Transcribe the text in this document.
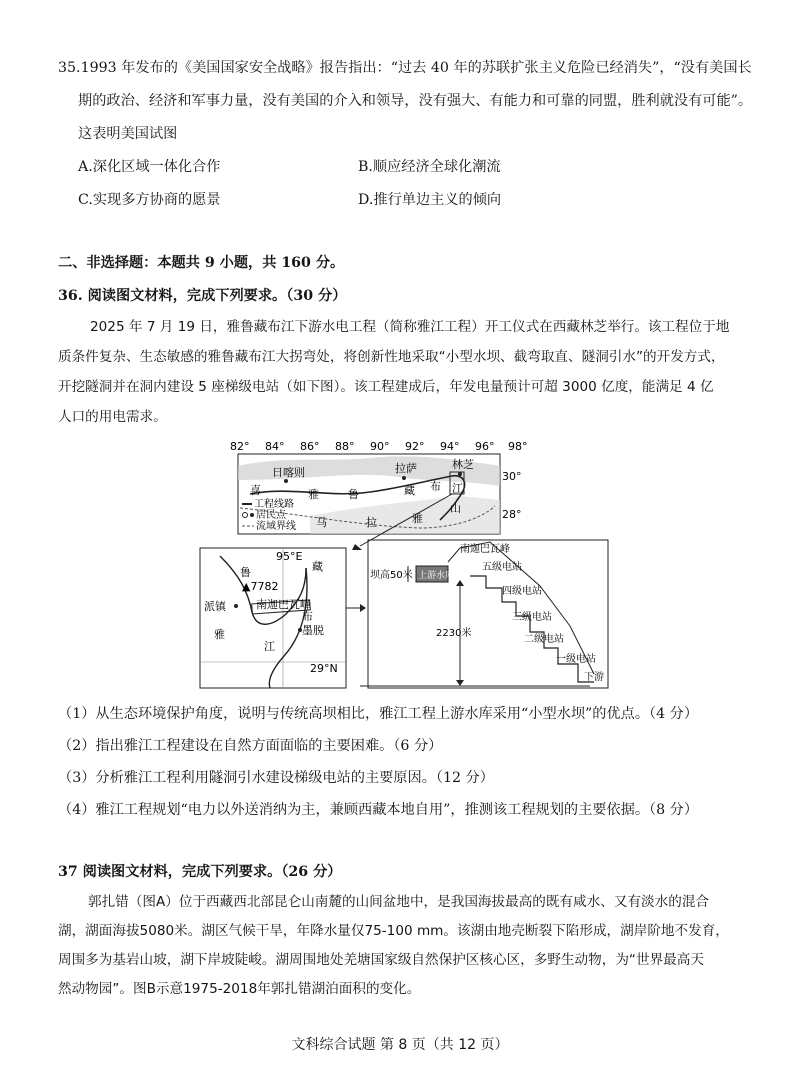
35.1993 年发布的《美国国家安全战略》报告指出：“过去 40 年的苏联扩张主义危险已经消失”，“没有美国长
期的政治、经济和军事力量，没有美国的介入和领导，没有强大、有能力和可靠的同盟，胜利就没有可能”。
这表明美国试图
A.深化区域一体化合作	B.顺应经济全球化潮流
C.实现多方协商的愿景	D.推行单边主义的倾向
二、非选择题：本题共 9 小题，共 160 分。
36. 阅读图文材料，完成下列要求。（30 分）
2025 年 7 月 19 日，雅鲁藏布江下游水电工程（简称雅江工程）开工仪式在西藏林芝举行。该工程位于地
质条件复杂、生态敏感的雅鲁藏布江大拐弯处，将创新性地采取“小型水坝、截弯取直、隧洞引水”的开发方式，
开挖隧洞并在洞内建设 5 座梯级电站（如下图）。该工程建成后，年发电量预计可超 3000 亿度，能满足 4 亿
人口的用电需求。
82° 84° 86° 88° 90° 92° 94° 96° 98°
30°
28°
日喀则	拉萨	林芝
喜	雅	鲁	藏 布 江
马	拉	雅
山
工程线路
居民点
流域界线
95°E
29°N
▲7782
南迦巴瓦峰
派镇
墨脱
藏
鲁
布
雅
江
上游水库
坝高50米
2230米
南迦巴瓦峰
五级电站
四级电站
三级电站
二级电站
一级电站
下游
（1）从生态环境保护角度，说明与传统高坝相比，雅江工程上游水库采用“小型水坝”的优点。（4 分）
（2）指出雅江工程建设在自然方面面临的主要困难。（6 分）
（3）分析雅江工程利用隧洞引水建设梯级电站的主要原因。（12 分）
（4）雅江工程规划“电力以外送消纳为主，兼顾西藏本地自用”，推测该工程规划的主要依据。（8 分）
37 阅读图文材料，完成下列要求。（26 分）
郭扎错（图A）位于西藏西北部昆仑山南麓的山间盆地中，是我国海拔最高的既有咸水、又有淡水的混合
湖，湖面海拔5080米。湖区气候干旱，年降水量仅75-100 mm。该湖由地壳断裂下陷形成，湖岸阶地不发育，
周围多为基岩山坡，湖下岸坡陡峻。湖周围地处羌塘国家级自然保护区核心区，多野生动物，为“世界最高天
然动物园”。图B示意1975-2018年郭扎错湖泊面积的变化。
文科综合试题 第 8 页（共 12 页）
